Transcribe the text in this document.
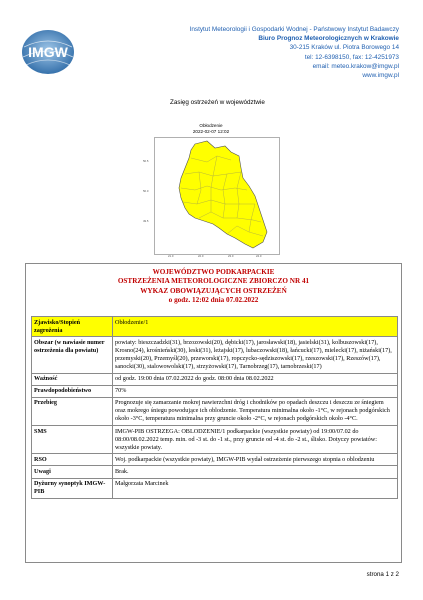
IMGW
Instytut Meteorologii i Gospodarki Wodnej - Państwowy Instytut Badawczy
Biuro Prognoz Meteorologicznych w Krakowie
30-215 Kraków ul. Piotra Borowego 14
tel: 12-6398150, fax: 12-4251973
email: meteo.krakow@imgw.pl
www.imgw.pl
Zasięg ostrzeżeń w województwie
Obłodzenie
2022-02-07 12:02
50.5
50.0
49.5
21.0	22.0	23.0	24.0
WOJEWÓDZTWO PODKARPACKIE
OSTRZEŻENIA METEOROLOGICZNE ZBIORCZO NR 41
WYKAZ OBOWIĄZUJĄCYCH OSTRZEŻEŃ
o godz. 12:02 dnia 07.02.2022
Zjawisko/Stopień zagrożenia	Obłodzenie/1
Obszar (w nawiasie numer ostrzeżenia dla powiatu)	powiaty: bieszczadzki(31), brzozowski(20), dębicki(17), jarosławski(18), jasielski(31), kolbuszowski(17), Krosno(24), krośnieński(30), leski(31), leżajski(17), lubaczowski(18), łańcucki(17), mielecki(17), niżański(17), przemyski(20), Przemyśl(20), przeworski(17), ropczycko-sędziszowski(17), rzeszowski(17), Rzeszów(17), sanocki(30), stalowowolski(17), strzyżowski(17), Tarnobrzeg(17), tarnobrzeski(17)
Ważność	od godz. 19:00 dnia 07.02.2022 do godz. 08:00 dnia 08.02.2022
Prawdopodobieństwo	70%
Przebieg	Prognozuje się zamarzanie mokrej nawierzchni dróg i chodników po opadach deszczu i deszczu ze śniegiem oraz mokrego śniegu powodujące ich oblodzenie. Temperatura minimalna około -1°C, w rejonach podgórskich około -3°C, temperatura minimalna przy gruncie około -2°C, w rejonach podgórskich około -4°C.
SMS	IMGW-PIB OSTRZEGA: OBLODZENIE/1 podkarpackie (wszystkie powiaty) od 19:00/07.02 do 08:00/08.02.2022 temp. min. od -3 st. do -1 st., przy gruncie od -4 st. do -2 st., ślisko. Dotyczy powiatów: wszystkie powiaty.
RSO	Woj. podkarpackie (wszystkie powiaty), IMGW-PIB wydał ostrzeżenie pierwszego stopnia o oblodzeniu
Uwagi	Brak.
Dyżurny synoptyk IMGW-PIB	Małgorzata Marcinek
strona 1 z 2
